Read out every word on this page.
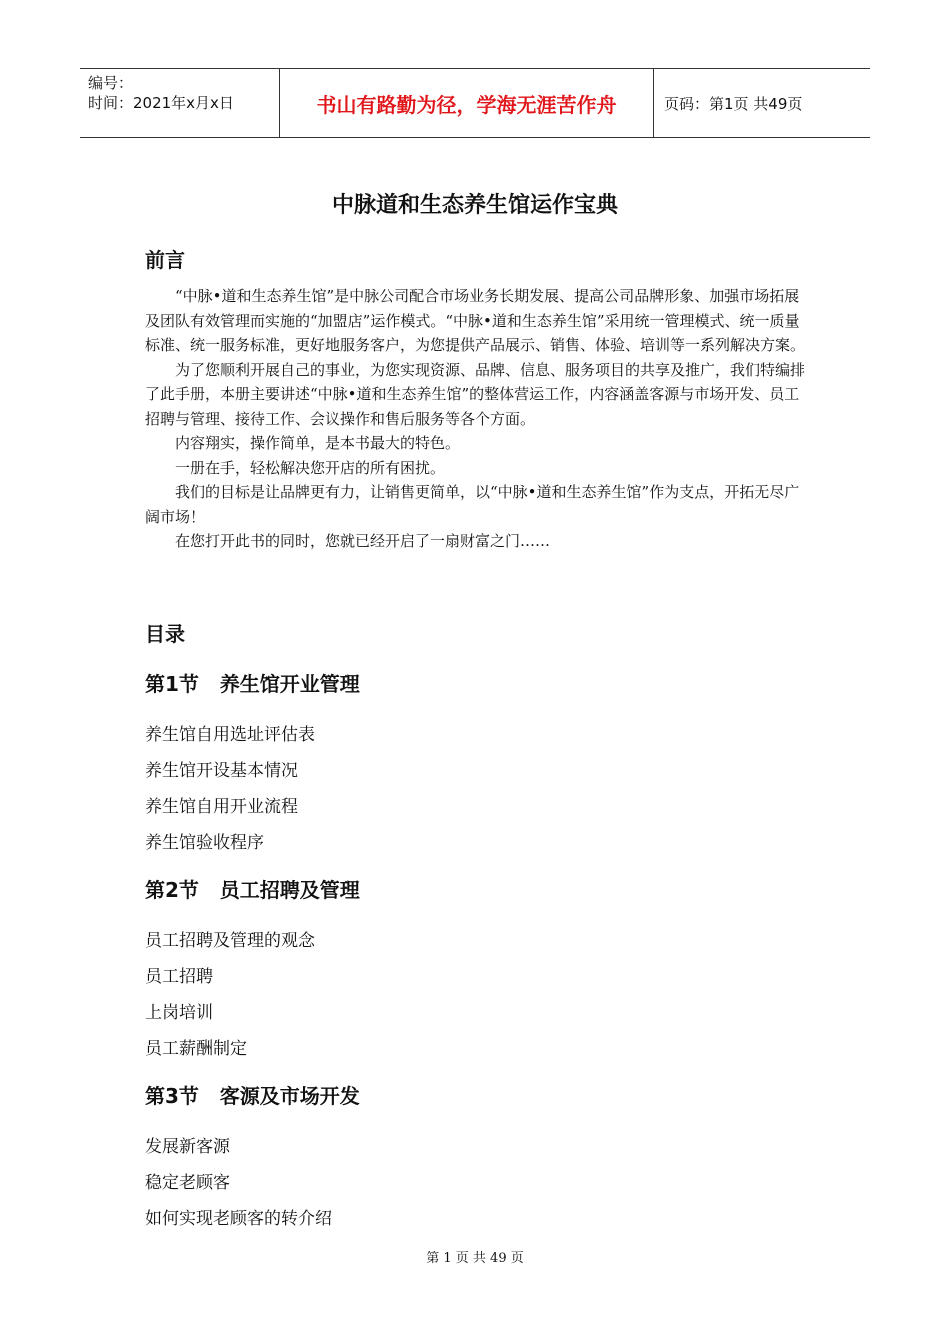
编号：
时间：2021年x月x日	书山有路勤为径，学海无涯苦作舟	页码：第1页 共49页
中脉道和生态养生馆运作宝典
前言

“中脉•道和生态养生馆”是中脉公司配合市场业务长期发展、提高公司品牌形象、加强市场拓展及团队有效管理而实施的“加盟店”运作模式。“中脉•道和生态养生馆”采用统一管理模式、统一质量标准、统一服务标准，更好地服务客户，为您提供产品展示、销售、体验、培训等一系列解决方案。

为了您顺利开展自己的事业，为您实现资源、品牌、信息、服务项目的共享及推广，我们特编排了此手册，本册主要讲述“中脉•道和生态养生馆”的整体营运工作，内容涵盖客源与市场开发、员工招聘与管理、接待工作、会议操作和售后服务等各个方面。

内容翔实，操作简单，是本书最大的特色。

一册在手，轻松解决您开店的所有困扰。

我们的目标是让品牌更有力，让销售更简单，以“中脉•道和生态养生馆”作为支点，开拓无尽广阔市场！

在您打开此书的同时，您就已经开启了一扇财富之门……

目录
第1节   养生馆开业管理
养生馆自用选址评估表
养生馆开设基本情况
养生馆自用开业流程
养生馆验收程序
第2节   员工招聘及管理
员工招聘及管理的观念
员工招聘
上岗培训
员工薪酬制定
第3节   客源及市场开发
发展新客源
稳定老顾客
如何实现老顾客的转介绍
第 1 页 共 49 页
